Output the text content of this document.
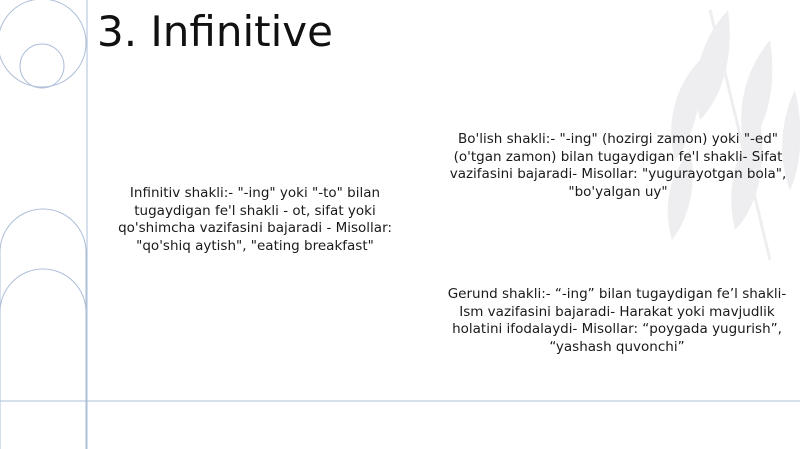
3. Infinitive
Infinitiv shakli:- "-ing" yoki "-to" bilan tugaydigan fe'l shakli - ot, sifat yoki qo'shimcha vazifasini bajaradi - Misollar: "qo'shiq aytish", "eating breakfast"
Bo'lish shakli:- "-ing" (hozirgi zamon) yoki "-ed" (o'tgan zamon) bilan tugaydigan fe'l shakli- Sifat vazifasini bajaradi- Misollar: "yugurayotgan bola", "bo'yalgan uy"
Gerund shakli:- “-ing” bilan tugaydigan fe’l shakli- Ism vazifasini bajaradi- Harakat yoki mavjudlik holatini ifodalaydi- Misollar: “poygada yugurish”, “yashash quvonchi”
